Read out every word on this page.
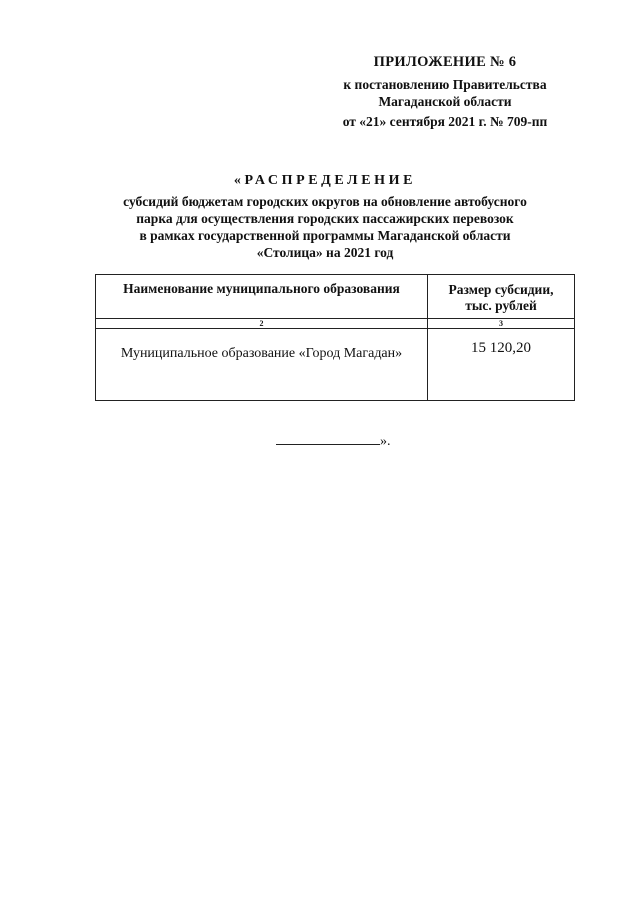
ПРИЛОЖЕНИЕ № 6
к постановлению Правительства
Магаданской области
от «21» сентября 2021 г. № 709-пп
«РАСПРЕДЕЛЕНИЕ
субсидий бюджетам городских округов на обновление автобусного
парка для осуществления городских пассажирских перевозок
в рамках государственной программы Магаданской области
«Столица» на 2021 год
Наименование муниципального образования	Размер субсидии,
тыс. рублей

2	3
Муниципальное образование «Город Магадан»	15 120,20
».
